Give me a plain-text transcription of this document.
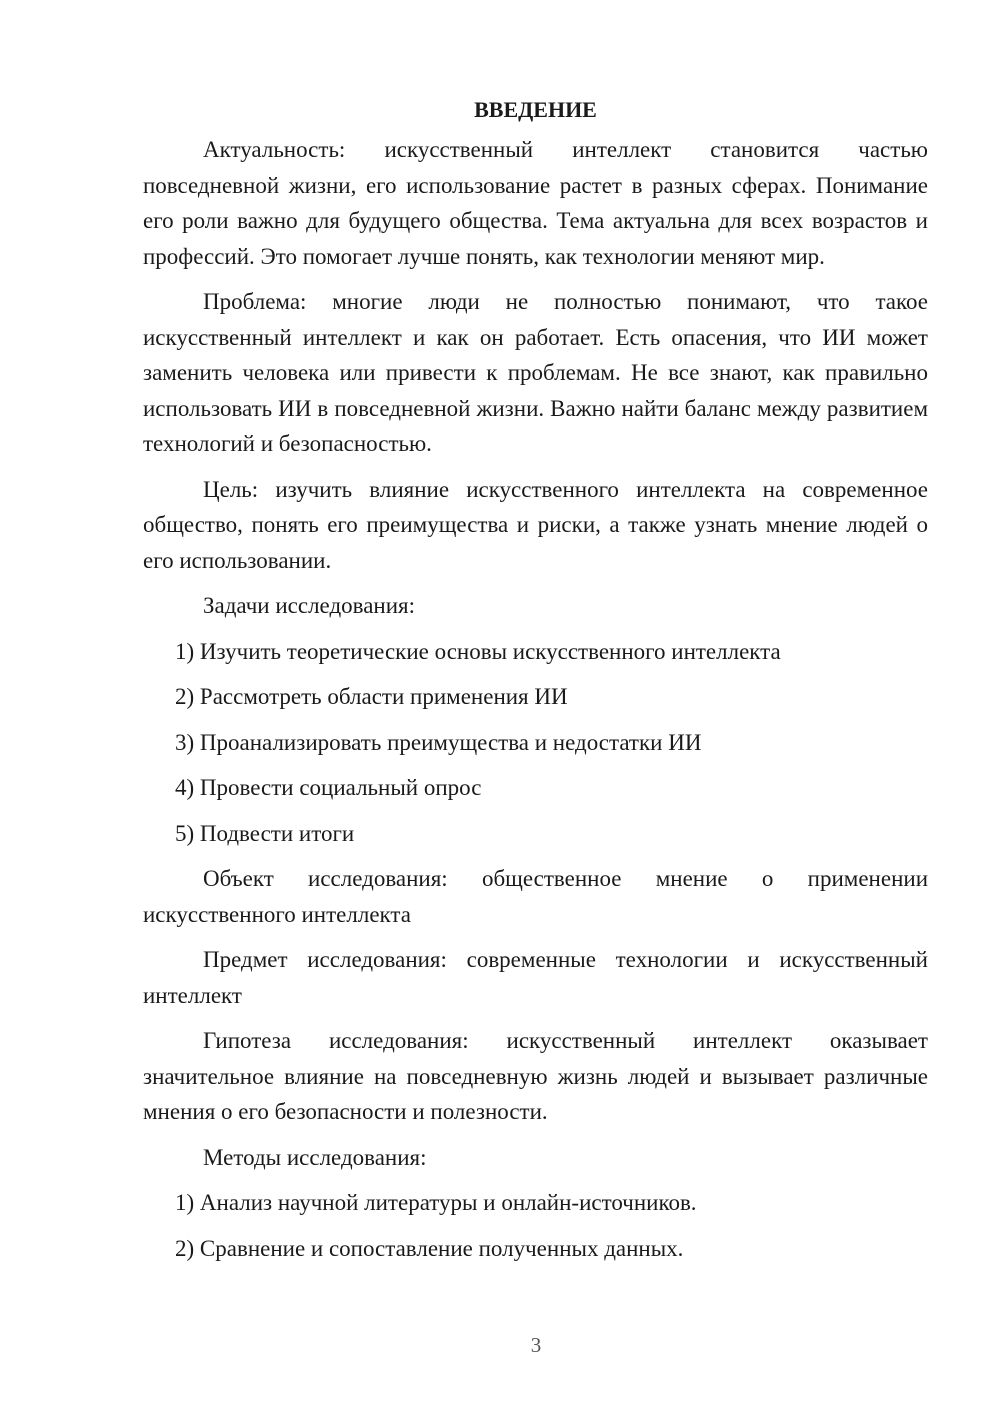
ВВЕДЕНИЕ

Актуальность: искусственный интеллект становится частью повседневной жизни, его использование растет в разных сферах. Понимание его роли важно для будущего общества. Тема актуальна для всех возрастов и профессий. Это помогает лучше понять, как технологии меняют мир.

Проблема: многие люди не полностью понимают, что такое искусственный интеллект и как он работает. Есть опасения, что ИИ может заменить человека или привести к проблемам. Не все знают, как правильно использовать ИИ в повседневной жизни. Важно найти баланс между развитием технологий и безопасностью.

Цель: изучить влияние искусственного интеллекта на современное общество, понять его преимущества и риски, а также узнать мнение людей о его использовании.

Задачи исследования:

1) Изучить теоретические основы искусственного интеллекта
2) Рассмотреть области применения ИИ
3) Проанализировать преимущества и недостатки ИИ
4) Провести социальный опрос
5) Подвести итоги

Объект исследования: общественное мнение о применении искусственного интеллекта

Предмет исследования: современные технологии и искусственный интеллект

Гипотеза исследования: искусственный интеллект оказывает значительное влияние на повседневную жизнь людей и вызывает различные мнения о его безопасности и полезности.

Методы исследования:

1) Анализ научной литературы и онлайн-источников.
2) Сравнение и сопоставление полученных данных.
3
